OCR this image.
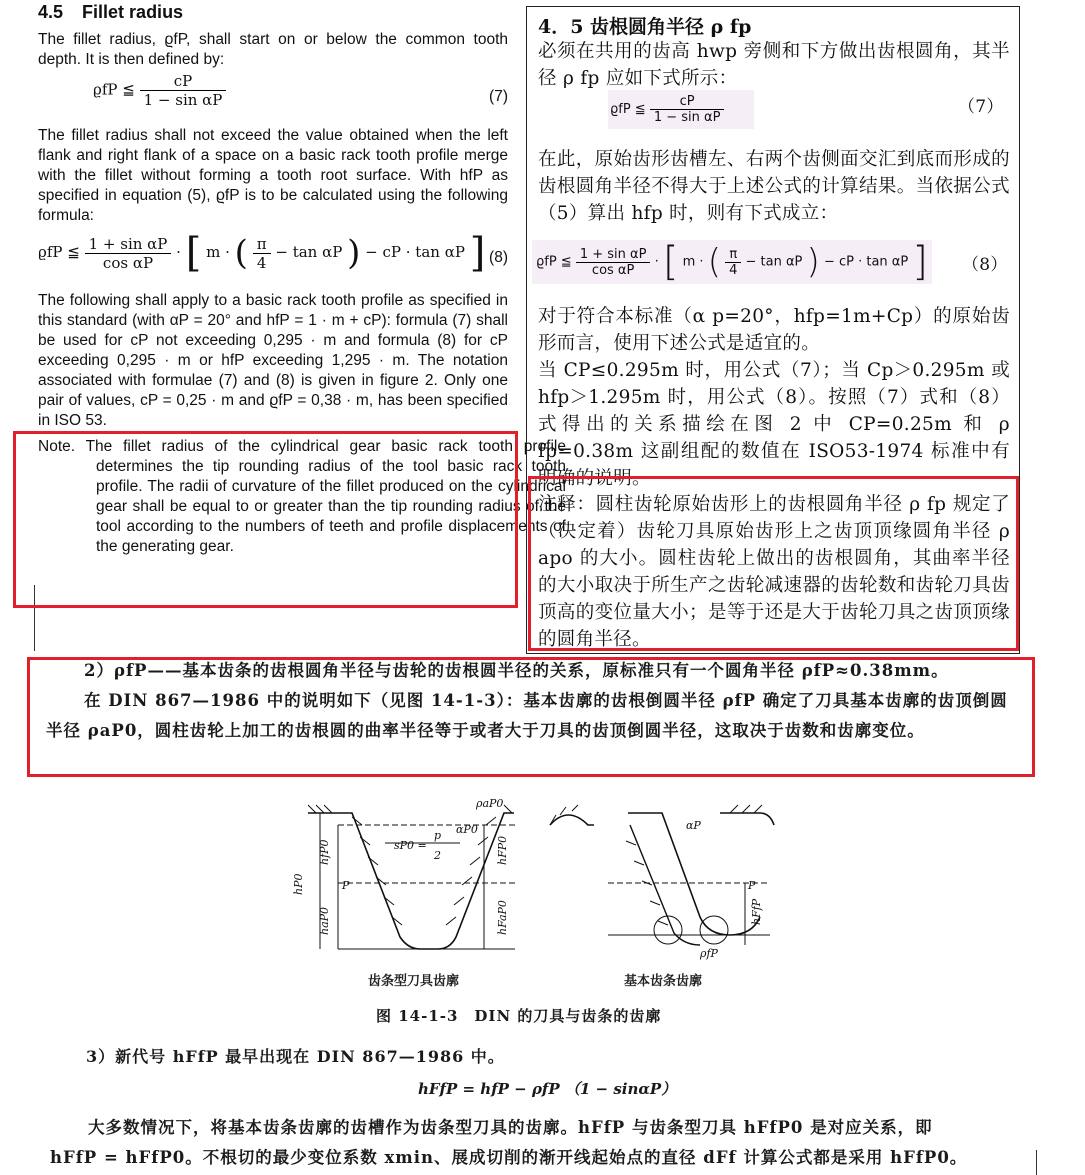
4.5 Fillet radius
The fillet radius, ϱfP, shall start on or below the common tooth depth. It is then defined by:
ϱfP ≦ $\frac{cP}{\text{1 − sin αP}}$	(7)
The fillet radius shall not exceed the value obtained when the left flank and right flank of a space on a basic rack tooth profile merge with the fillet without forming a tooth root surface. With hfP as specified in equation (5), ϱfP is to be calculated using the following formula:
ϱfP ≦ $\frac{\text{1 + sin αP}}{\text{cos αP}}$ · [ m · ( $\frac{\pi}{4} - \tan \alpha P$ ) − cP · tan αP ] (8)
The following shall apply to a basic rack tooth profile as specified in this standard (with αP = 20° and hfP = 1 · m + cP): formula (7) shall be used for cP not exceeding 0,295 · m and formula (8) for cP exceeding 0,295 · m or hfP exceeding 1,295 · m. The notation associated with formulae (7) and (8) is given in figure 2. Only one pair of values, cP = 0,25 · m and ϱfP = 0,38 · m, has been specified in ISO 53.
Note. The fillet radius of the cylindrical gear basic rack tooth profile determines the tip rounding radius of the tool basic rack tooth profile. The radii of curvature of the fillet produced on the cylindrical gear shall be equal to or greater than the tip rounding radius of the tool according to the numbers of teeth and profile displacements of the generating gear.
4．5 齿根圆角半径 ρ fp
必须在共用的齿高 hwp 旁侧和下方做出齿根圆角，其半径 ρ fp 应如下式所示：
ϱfP ≦ $\frac{cP}{\text{1 − sin αP}}$	（7）
在此，原始齿形齿槽左、右两个齿侧面交汇到底而形成的齿根圆角半径不得大于上述公式的计算结果。当依据公式（5）算出 hfp 时，则有下式成立：
ϱfP ≦ $\frac{\text{1 + sin αP}}{\text{cos αP}}$ · [ m · ( $\frac{\pi}{4} - \tan \alpha P$ ) − cP · tan αP ] （8）
对于符合本标准（α p=20°，hfp=1m+Cp）的原始齿形而言，使用下述公式是适宜的。
当 CP≤0.295m 时，用公式（7）；当 Cp＞0.295m 或 hfp＞1.295m 时，用公式（8）。按照（7）式和（8）式得出的关系描绘在图 2 中 CP=0.25m 和 ρ fp=0.38m 这副组配的数值在 ISO53-1974 标准中有明确的说明。
注释：圆柱齿轮原始齿形上的齿根圆角半径 ρ fp 规定了（决定着）齿轮刀具原始齿形上之齿顶顶缘圆角半径 ρ apo 的大小。圆柱齿轮上做出的齿根圆角，其曲率半径的大小取决于所生产之齿轮减速器的齿轮数和齿轮刀具齿顶高的变位量大小；是等于还是大于齿轮刀具之齿顶顶缘的圆角半径。
2）ρfP——基本齿条的齿根圆角半径与齿轮的齿根圆半径的关系，原标准只有一个圆角半径 ρfP≈0.38mm。
在 DIN 867—1986 中的说明如下（见图 14-1-3）：基本齿廓的齿根倒圆半径 ρfP 确定了刀具基本齿廓的齿顶倒圆半径 ρaP0，圆柱齿轮上加工的齿根圆的曲率半径等于或者大于刀具的齿顶倒圆半径，这取决于齿数和齿廓变位。
ρaP0
αP0
sP0 =
p
2
hP0
hfP0
haP0
hFP0
hFaP0
P
αP
P
hFfP
ρfP
齿条型刀具齿廓	基本齿条齿廓
图 14-1-3　DIN 的刀具与齿条的齿廓
3）新代号 hFfP 最早出现在 DIN 867—1986 中。
hFfP = hfP − ρfP （1 − sinαP）
大多数情况下，将基本齿条齿廓的齿槽作为齿条型刀具的齿廓。hFfP 与齿条型刀具 hFfP0 是对应关系，即
hFfP = hFfP0。不根切的最少变位系数 xmin、展成切削的渐开线起始点的直径 dFf 计算公式都是采用 hFfP0。
